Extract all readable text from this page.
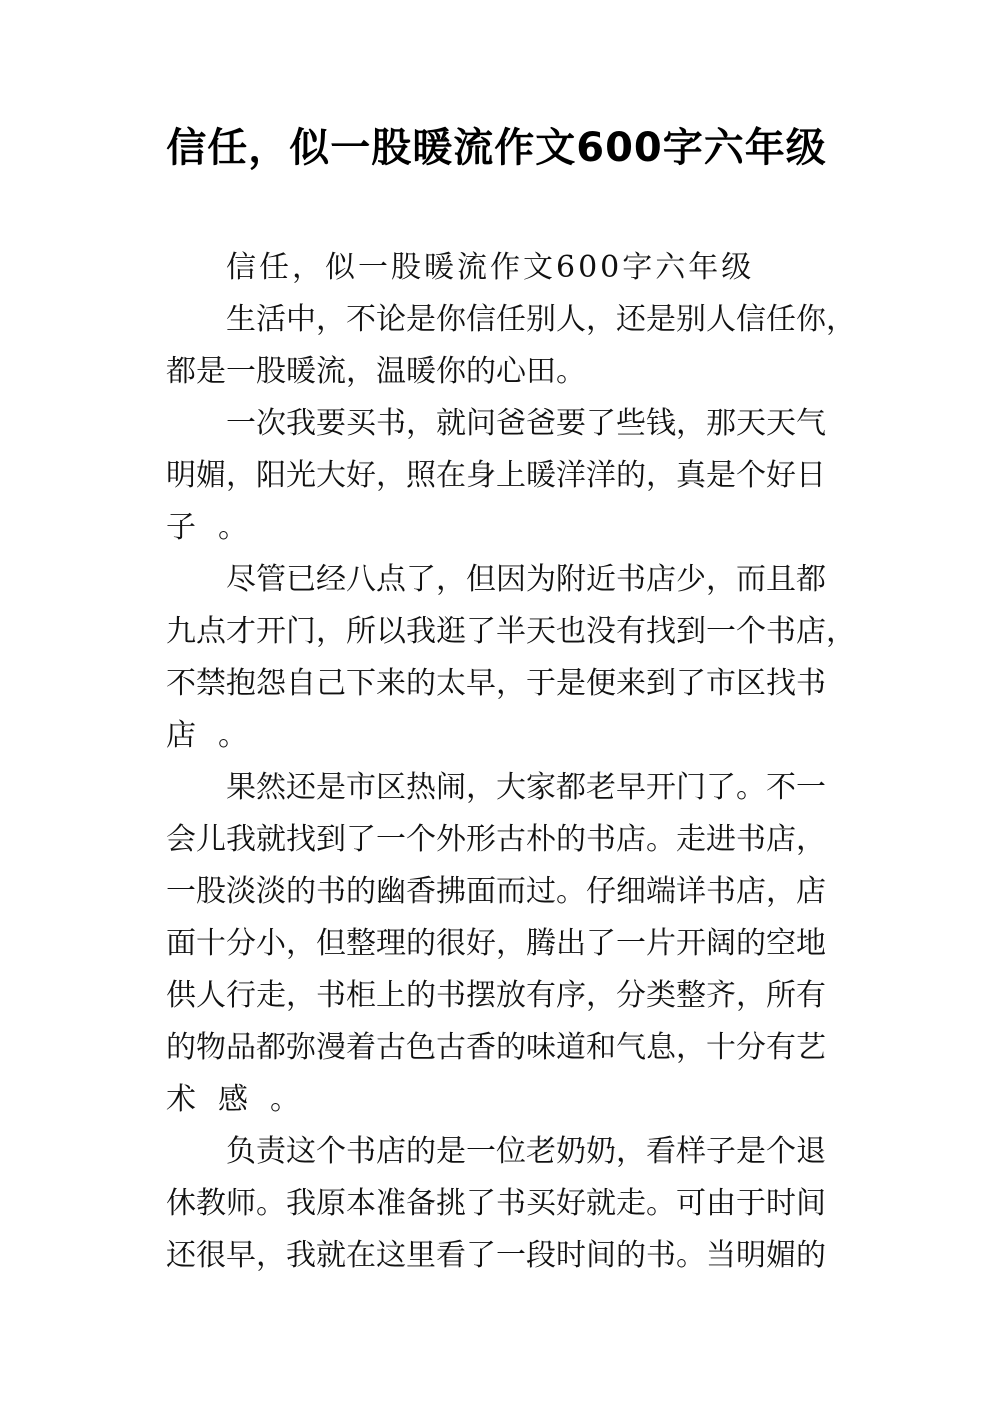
信任，似一股暖流作文600字六年级
信任，似一股暖流作文600字六年级
生活中，不论是你信任别人，还是别人信任你，
都是一股暖流，温暖你的心田。
一次我要买书，就问爸爸要了些钱，那天天气
明媚，阳光大好，照在身上暖洋洋的，真是个好日
子。
尽管已经八点了，但因为附近书店少，而且都
九点才开门，所以我逛了半天也没有找到一个书店，
不禁抱怨自己下来的太早，于是便来到了市区找书
店。
果然还是市区热闹，大家都老早开门了。不一
会儿我就找到了一个外形古朴的书店。走进书店，
一股淡淡的书的幽香拂面而过。仔细端详书店，店
面十分小，但整理的很好，腾出了一片开阔的空地
供人行走，书柜上的书摆放有序，分类整齐，所有
的物品都弥漫着古色古香的味道和气息，十分有艺
术感。
负责这个书店的是一位老奶奶，看样子是个退
休教师。我原本准备挑了书买好就走。可由于时间
还很早，我就在这里看了一段时间的书。当明媚的
